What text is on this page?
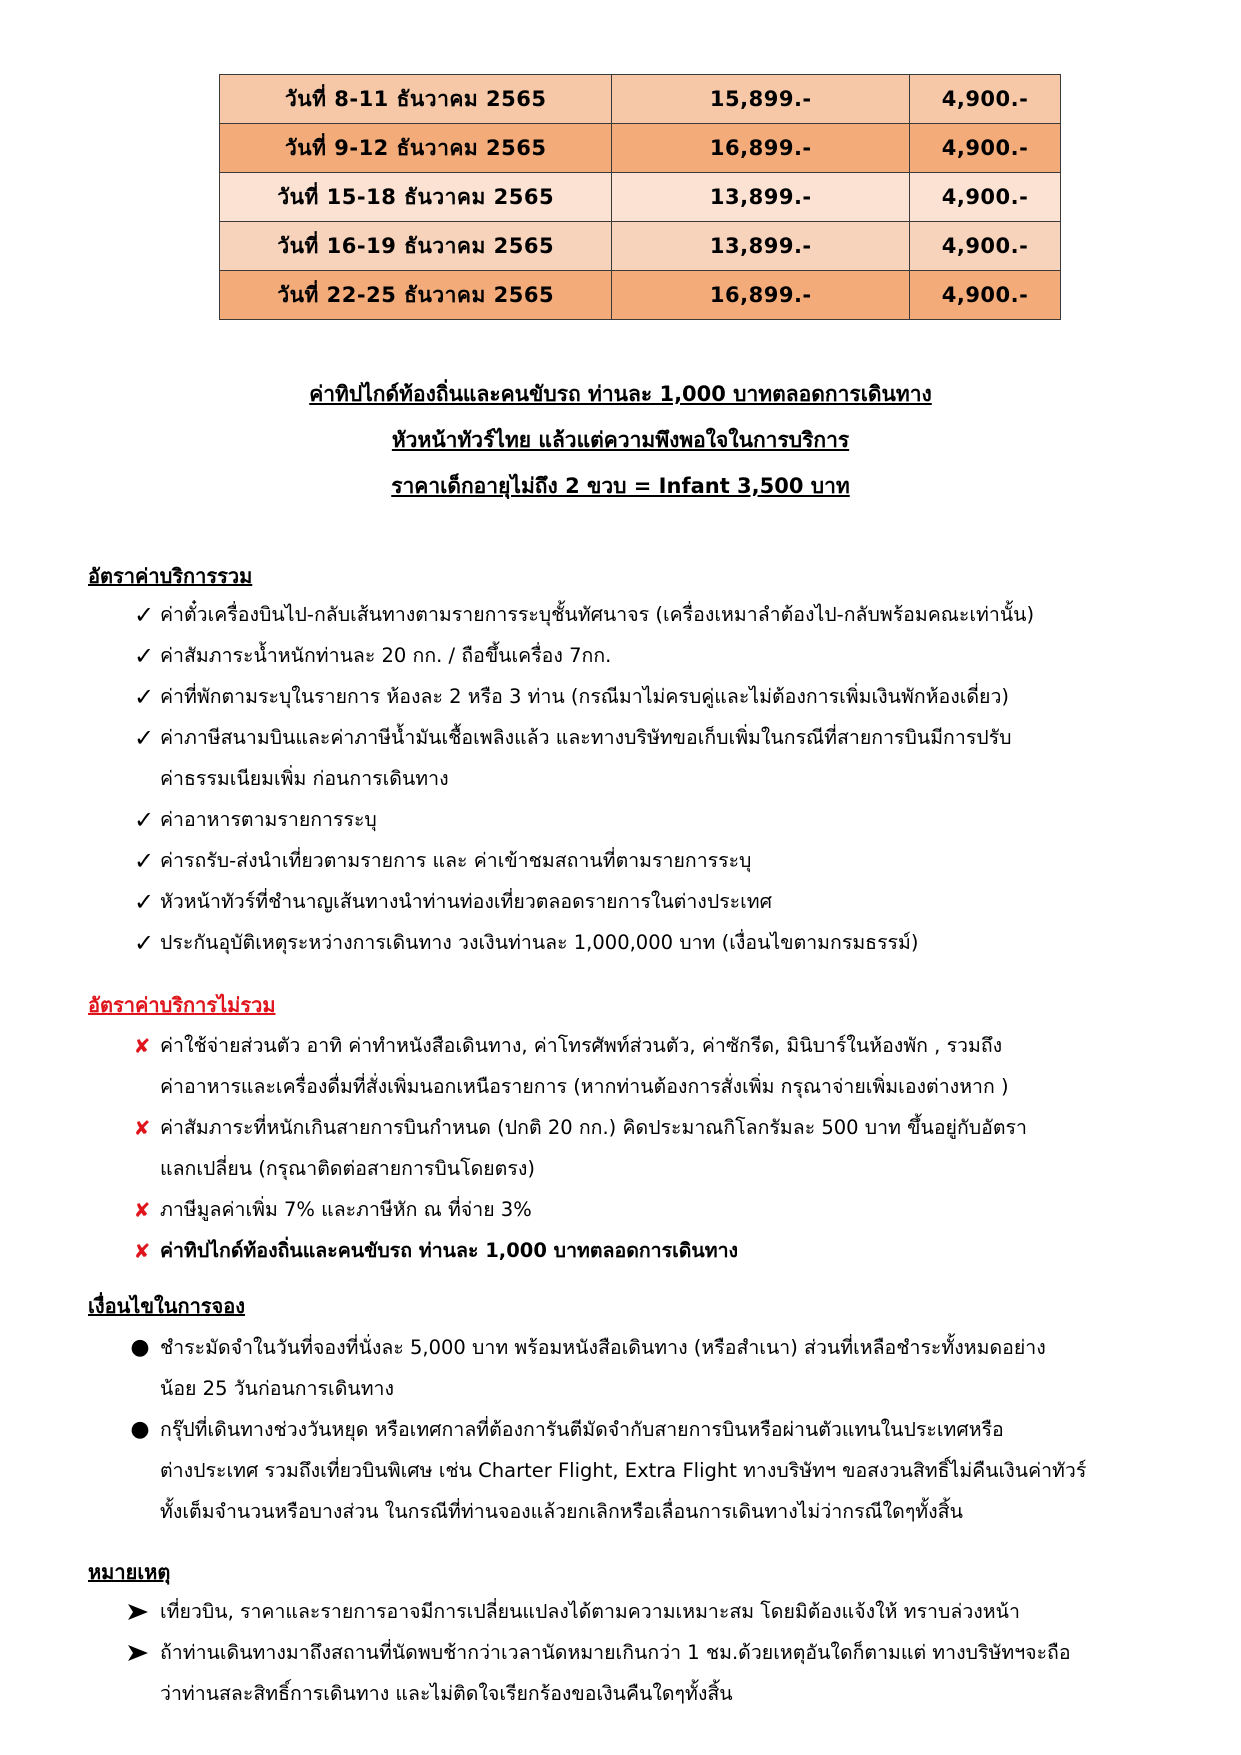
วันที่ 8-11 ธันวาคม 2565	15,899.-	4,900.-
วันที่ 9-12 ธันวาคม 2565	16,899.-	4,900.-
วันที่ 15-18 ธันวาคม 2565	13,899.-	4,900.-
วันที่ 16-19 ธันวาคม 2565	13,899.-	4,900.-
วันที่ 22-25 ธันวาคม 2565	16,899.-	4,900.-
ค่าทิปไกด์ท้องถิ่นและคนขับรถ ท่านละ 1,000 บาทตลอดการเดินทาง
หัวหน้าทัวร์ไทย แล้วแต่ความพึงพอใจในการบริการ
ราคาเด็กอายุไม่ถึง 2 ขวบ = Infant 3,500 บาท
อัตราค่าบริการรวม
✓ ค่าตั๋วเครื่องบินไป-กลับเส้นทางตามรายการระบุชั้นทัศนาจร (เครื่องเหมาลำต้องไป-กลับพร้อมคณะเท่านั้น)
✓ ค่าสัมภาระน้ำหนักท่านละ 20 กก. / ถือขึ้นเครื่อง 7กก.
✓ ค่าที่พักตามระบุในรายการ ห้องละ 2 หรือ 3 ท่าน (กรณีมาไม่ครบคู่และไม่ต้องการเพิ่มเงินพักห้องเดี่ยว)
✓ ค่าภาษีสนามบินและค่าภาษีน้ำมันเชื้อเพลิงแล้ว และทางบริษัทขอเก็บเพิ่มในกรณีที่สายการบินมีการปรับ
ค่าธรรมเนียมเพิ่ม ก่อนการเดินทาง
✓ ค่าอาหารตามรายการระบุ
✓ ค่ารถรับ-ส่งนำเที่ยวตามรายการ และ ค่าเข้าชมสถานที่ตามรายการระบุ
✓ หัวหน้าทัวร์ที่ชำนาญเส้นทางนำท่านท่องเที่ยวตลอดรายการในต่างประเทศ
✓ ประกันอุบัติเหตุระหว่างการเดินทาง วงเงินท่านละ 1,000,000 บาท (เงื่อนไขตามกรมธรรม์)
อัตราค่าบริการไม่รวม
✘ ค่าใช้จ่ายส่วนตัว อาทิ ค่าทำหนังสือเดินทาง, ค่าโทรศัพท์ส่วนตัว, ค่าซักรีด, มินิบาร์ในห้องพัก , รวมถึง
ค่าอาหารและเครื่องดื่มที่สั่งเพิ่มนอกเหนือรายการ (หากท่านต้องการสั่งเพิ่ม กรุณาจ่ายเพิ่มเองต่างหาก )
✘ ค่าสัมภาระที่หนักเกินสายการบินกำหนด (ปกติ 20 กก.) คิดประมาณกิโลกรัมละ 500 บาท ขึ้นอยู่กับอัตรา
แลกเปลี่ยน (กรุณาติดต่อสายการบินโดยตรง)
✘ ภาษีมูลค่าเพิ่ม 7% และภาษีหัก ณ ที่จ่าย 3%
✘ ค่าทิปไกด์ท้องถิ่นและคนขับรถ ท่านละ 1,000 บาทตลอดการเดินทาง
เงื่อนไขในการจอง
● ชำระมัดจำในวันที่จองที่นั่งละ 5,000 บาท พร้อมหนังสือเดินทาง (หรือสำเนา) ส่วนที่เหลือชำระทั้งหมดอย่าง
น้อย 25 วันก่อนการเดินทาง
● กรุ๊ปที่เดินทางช่วงวันหยุด หรือเทศกาลที่ต้องการันตีมัดจำกับสายการบินหรือผ่านตัวแทนในประเทศหรือ
ต่างประเทศ รวมถึงเที่ยวบินพิเศษ เช่น Charter Flight, Extra Flight ทางบริษัทฯ ขอสงวนสิทธิ์ไม่คืนเงินค่าทัวร์
ทั้งเต็มจำนวนหรือบางส่วน ในกรณีที่ท่านจองแล้วยกเลิกหรือเลื่อนการเดินทางไม่ว่ากรณีใดๆทั้งสิ้น
หมายเหตุ
เที่ยวบิน, ราคาและรายการอาจมีการเปลี่ยนแปลงได้ตามความเหมาะสม โดยมิต้องแจ้งให้ ทราบล่วงหน้า
ถ้าท่านเดินทางมาถึงสถานที่นัดพบช้ากว่าเวลานัดหมายเกินกว่า 1 ชม.ด้วยเหตุอันใดก็ตามแต่ ทางบริษัทฯจะถือ
ว่าท่านสละสิทธิ์การเดินทาง และไม่ติดใจเรียกร้องขอเงินคืนใดๆทั้งสิ้น
